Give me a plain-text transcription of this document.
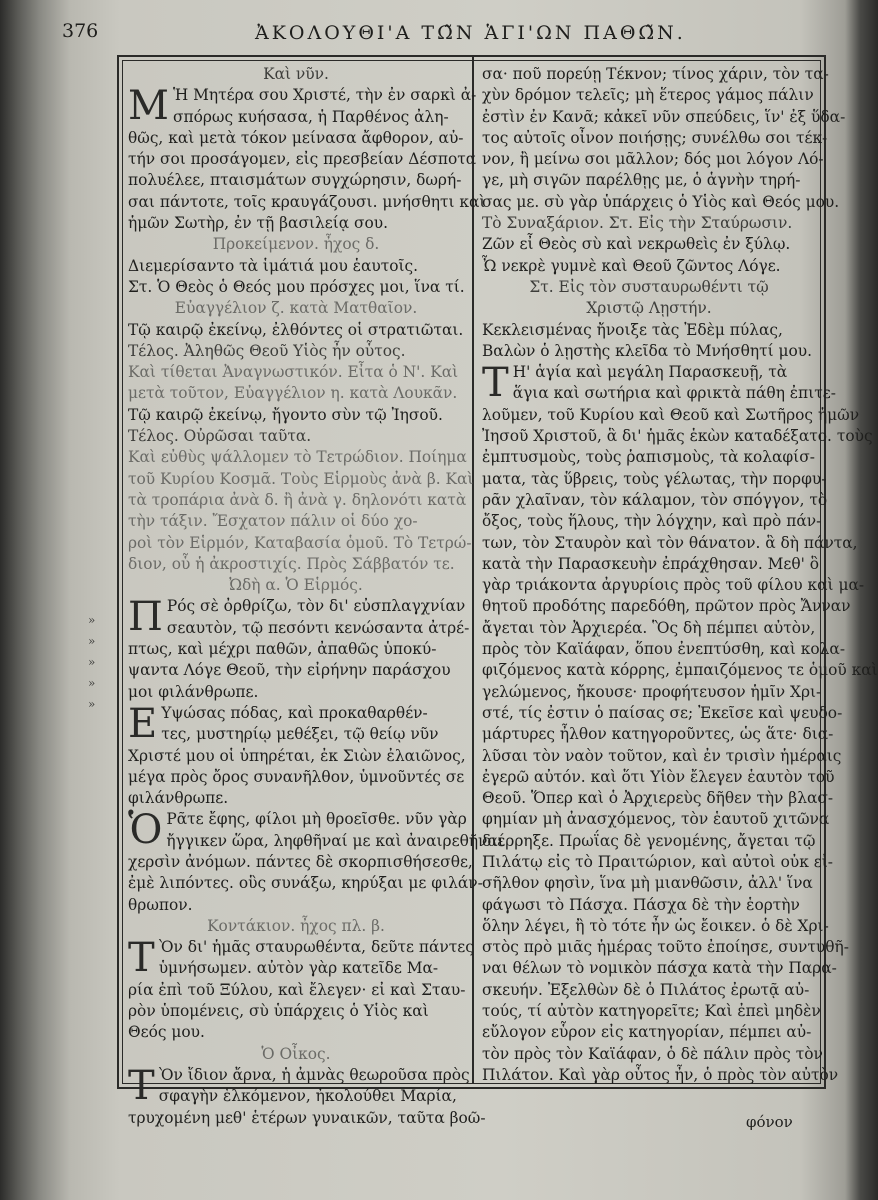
376	ἈΚΟΛΟΥΘΙ'Α ΤΩ̃Ν ἉΓΙ'ΩΝ ΠΑΘΩ̃Ν.
»
»
»
»
»
Καὶ νῦν.
Μ Ἡ Μητέρα σου Χριστέ, τὴν ἐν σαρκὶ ἀ-
σπόρως κυήσασα, ἡ Παρθένος ἀλη-
θῶς, καὶ μετὰ τόκον μείνασα ἄφθορον, αὐ-
τήν σοι προσάγομεν, εἰς πρεσβείαν Δέσποτα
πολυέλεε, πταισμάτων συγχώρησιν, δωρή-
σαι πάντοτε, τοῖς κραυγάζουσι. μνήσθητι καὶ
ἡμῶν Σωτὴρ, ἐν τῇ βασιλείᾳ σου.
Προκείμενον. ἦχος δ.
Διεμερίσαντο τὰ ἱμάτιά μου ἑαυτοῖς.
Στ. Ὁ Θεὸς ὁ Θεός μου πρόσχες μοι, ἵνα τί.
Εὐαγγέλιον ζ. κατὰ Ματθαῖον.
Τῷ καιρῷ ἐκείνῳ, ἐλθόντες οἱ στρατιῶται.
Τέλος. Ἀληθῶς Θεοῦ Υἱὸς ἦν οὗτος.
Καὶ τίθεται Ἀναγνωστικόν. Εἶτα ὁ Ν'. Καὶ
μετὰ τοῦτον, Εὐαγγέλιον η. κατὰ Λουκᾶν.
Τῷ καιρῷ ἐκείνῳ, ἤγοντο σὺν τῷ Ἰησοῦ.
Τέλος. Οὐρῶσαι ταῦτα.
Καὶ εὐθὺς ψάλλομεν τὸ Τετρώδιον. Ποίημα
τοῦ Κυρίου Κοσμᾶ. Τοὺς Εἱρμοὺς ἀνὰ β. Καὶ
τὰ τροπάρια ἀνὰ δ. ἢ ἀνὰ γ. δηλονότι κατὰ
τὴν τάξιν. Ἔσχατον πάλιν οἱ δύο χο-
ροὶ τὸν Εἱρμόν, Καταβασία ὁμοῦ. Τὸ Τετρώ-
διον, οὗ ἡ ἀκροστιχίς. Πρὸς Σάββατόν τε.
Ὠδὴ α. Ὁ Εἱρμός.
Π Ρός σὲ ὀρθρίζω, τὸν δι' εὐσπλαγχνίαν
σεαυτὸν, τῷ πεσόντι κενώσαντα ἀτρέ-
πτως, καὶ μέχρι παθῶν, ἀπαθῶς ὑποκύ-
ψαντα Λόγε Θεοῦ, τὴν εἰρήνην παράσχου
μοι φιλάνθρωπε.
Ε Υψώσας πόδας, καὶ προκαθαρθέν-
τες, μυστηρίῳ μεθέξει, τῷ θείῳ νῦν
Χριστέ μου οἱ ὑπηρέται, ἐκ Σιὼν ἐλαιῶνος,
μέγα πρὸς ὄρος συνανῆλθον, ὑμνοῦντές σε
φιλάνθρωπε.
Ὁ Ρᾶτε ἔφης, φίλοι μὴ θροεῖσθε. νῦν γὰρ
ἤγγικεν ὥρα, ληφθῆναί με καὶ ἀναιρεθῆναι
χερσὶν ἀνόμων. πάντες δὲ σκορπισθήσεσθε,
ἐμὲ λιπόντες. οὓς συνάξω, κηρύξαι με φιλάν-
θρωπον.
Κοντάκιον. ἦχος πλ. β.
Τ Ὸν δι' ἡμᾶς σταυρωθέντα, δεῦτε πάντες
ὑμνήσωμεν. αὐτὸν γὰρ κατεῖδε Μα-
ρία ἐπὶ τοῦ Ξύλου, καὶ ἔλεγεν· εἰ καὶ Σταυ-
ρὸν ὑπομένεις, σὺ ὑπάρχεις ὁ Υἱὸς καὶ
Θεός μου.
Ὁ Οἶκος.
Τ Ὸν ἴδιον ἄρνα, ἡ ἀμνὰς θεωροῦσα πρὸς
σφαγὴν ἑλκόμενον, ἠκολούθει Μαρία,
τρυχομένη μεθ' ἑτέρων γυναικῶν, ταῦτα βοῶ-
σα· ποῦ πορεύῃ Τέκνον; τίνος χάριν, τὸν τα-
χὺν δρόμον τελεῖς; μὴ ἕτερος γάμος πάλιν
ἐστὶν ἐν Κανᾶ; κἀκεῖ νῦν σπεύδεις, ἵν' ἐξ ὕδα-
τος αὐτοῖς οἶνον ποιήσῃς; συνέλθω σοι τέκ-
νον, ἢ μείνω σοι μᾶλλον; δός μοι λόγον Λό-
γε, μὴ σιγῶν παρέλθῃς με, ὁ ἁγνὴν τηρή-
σας με. σὺ γὰρ ὑπάρχεις ὁ Υἱὸς καὶ Θεός μου.
Τὸ Συναξάριον. Στ. Εἰς τὴν Σταύρωσιν.
Ζῶν εἶ Θεὸς σὺ καὶ νεκρωθεὶς ἐν ξύλῳ.
Ὦ νεκρὲ γυμνὲ καὶ Θεοῦ ζῶντος Λόγε.
Στ. Εἰς τὸν συσταυρωθέντι τῷ
Χριστῷ Λῃστήν.
Κεκλεισμένας ἤνοιξε τὰς Ἐδὲμ πύλας,
Βαλὼν ὁ λῃστὴς κλεῖδα τὸ Μνήσθητί μου.
Τ Η' ἁγία καὶ μεγάλη Παρασκευῇ, τὰ
ἅγια καὶ σωτήρια καὶ φρικτὰ πάθη ἐπιτε-
λοῦμεν, τοῦ Κυρίου καὶ Θεοῦ καὶ Σωτῆρος ἡμῶν
Ἰησοῦ Χριστοῦ, ἃ δι' ἡμᾶς ἑκὼν καταδέξατο. τοὺς
ἐμπτυσμοὺς, τοὺς ῥαπισμοὺς, τὰ κολαφίσ-
ματα, τὰς ὕβρεις, τοὺς γέλωτας, τὴν πορφυ-
ρᾶν χλαῖναν, τὸν κάλαμον, τὸν σπόγγον, τὸ
ὄξος, τοὺς ἥλους, τὴν λόγχην, καὶ πρὸ πάν-
των, τὸν Σταυρὸν καὶ τὸν θάνατον. ἃ δὴ πάντα,
κατὰ τὴν Παρασκευὴν ἐπράχθησαν. Μεθ' ὃ
γὰρ τριάκοντα ἀργυρίοις πρὸς τοῦ φίλου καὶ μα-
θητοῦ προδότης παρεδόθη, πρῶτον πρὸς Ἄνναν
ἄγεται τὸν Ἀρχιερέα. Ὃς δὴ πέμπει αὐτὸν,
πρὸς τὸν Καϊάφαν, ὅπου ἐνεπτύσθη, καὶ κολα-
φιζόμενος κατὰ κόρρης, ἐμπαιζόμενος τε ὁμοῦ καὶ
γελώμενος, ἤκουσε· προφήτευσον ἡμῖν Χρι-
στέ, τίς ἐστιν ὁ παίσας σε; Ἐκεῖσε καὶ ψευδο-
μάρτυρες ἦλθον κατηγοροῦντες, ὡς ἅτε· δια-
λῦσαι τὸν ναὸν τοῦτον, καὶ ἐν τρισὶν ἡμέραις
ἐγερῶ αὐτόν. καὶ ὅτι Υἱὸν ἔλεγεν ἑαυτὸν τοῦ
Θεοῦ. Ὅπερ καὶ ὁ Ἀρχιερεὺς δῆθεν τὴν βλασ-
φημίαν μὴ ἀνασχόμενος, τὸν ἑαυτοῦ χιτῶνα
διέρρηξε. Πρωΐας δὲ γενομένης, ἄγεται τῷ
Πιλάτῳ εἰς τὸ Πραιτώριον, καὶ αὐτοὶ οὐκ εἰ-
σῆλθον φησὶν, ἵνα μὴ μιανθῶσιν, ἀλλ' ἵνα
φάγωσι τὸ Πάσχα. Πάσχα δὲ τὴν ἑορτὴν
ὅλην λέγει, ἢ τὸ τότε ἦν ὡς ἔοικεν. ὁ δὲ Χρι-
στὸς πρὸ μιᾶς ἡμέρας τοῦτο ἐποίησε, συντυθῆ-
ναι θέλων τὸ νομικὸν πάσχα κατὰ τὴν Παρα-
σκευήν. Ἐξελθὼν δὲ ὁ Πιλάτος ἐρωτᾷ αὐ-
τούς, τί αὐτὸν κατηγορεῖτε; Καὶ ἐπεὶ μηδὲν
εὔλογον εὗρον εἰς κατηγορίαν, πέμπει αὐ-
τὸν πρὸς τὸν Καϊάφαν, ὁ δὲ πάλιν πρὸς τὸν
Πιλάτον. Καὶ γὰρ οὗτος ἦν, ὁ πρὸς τὸν αὐτὸν
φόνον
